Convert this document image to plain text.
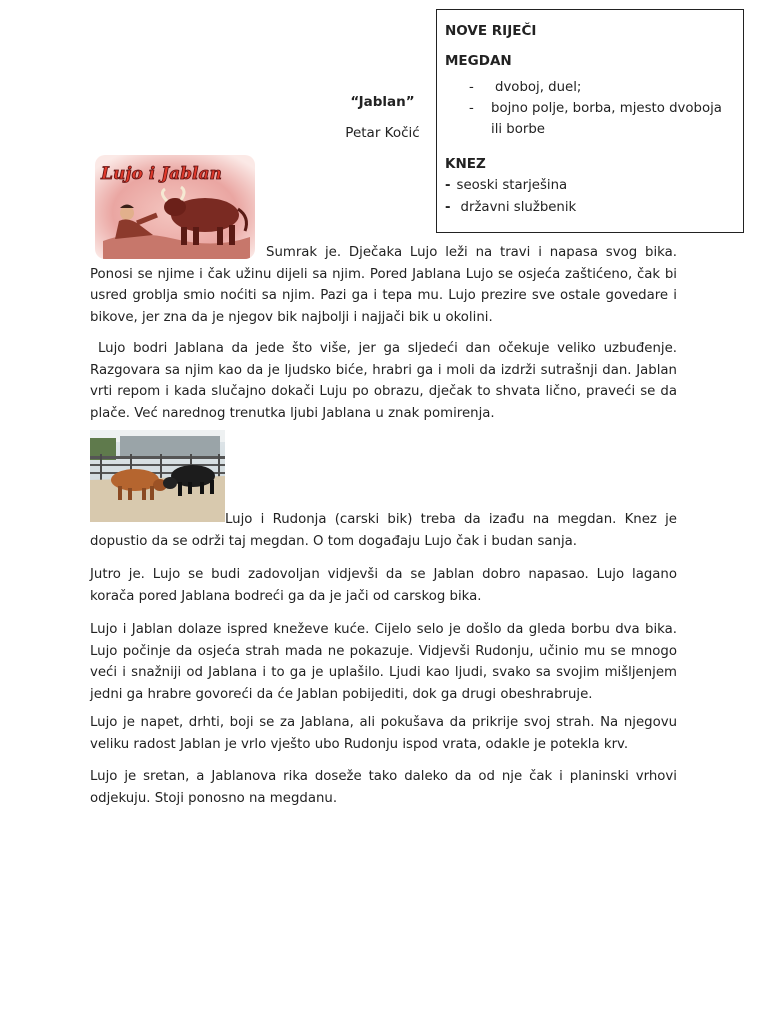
NOVE RIJEČI
MEGDAN
- dvoboj, duel;
- bojno polje, borba, mjesto dvoboja ili borbe
KNEZ
- seoski starješina
- državni službenik
“Jablan”
Petar Kočić
Lujo i Jablan
Sumrak je. Dječaka Lujo leži na travi i napasa svog bika. Ponosi se njime i čak užinu dijeli sa njim. Pored Jablana Lujo se osjeća zaštićeno, čak bi usred groblja smio noćiti sa njim. Pazi ga i tepa mu. Lujo prezire sve ostale govedare i bikove, jer zna da je njegov bik najbolji i najjači bik u okolini.
Lujo bodri Jablana da jede što više, jer ga sljedeći dan očekuje veliko uzbuđenje. Razgovara sa njim kao da je ljudsko biće, hrabri ga i moli da izdrži sutrašnji dan. Jablan vrti repom i kada slučajno dokači Luju po obrazu, dječak to shvata lično, praveći se da plače. Već narednog trenutka ljubi Jablana u znak pomirenja.
Lujo i Rudonja (carski bik) treba da izađu na megdan. Knez je dopustio da se održi taj megdan. O tom događaju Lujo čak i budan sanja.
Jutro je. Lujo se budi zadovoljan vidjevši da se Jablan dobro napasao. Lujo lagano korača pored Jablana bodreći ga da je jači od carskog bika.
Lujo i Jablan dolaze ispred kneževe kuće. Cijelo selo je došlo da gleda borbu dva bika. Lujo počinje da osjeća strah mada ne pokazuje. Vidjevši Rudonju, učinio mu se mnogo veći i snažniji od Jablana i to ga je uplašilo. Ljudi kao ljudi, svako sa svojim mišljenjem jedni ga hrabre govoreći da će Jablan pobijediti, dok ga drugi obeshrabruje.
Lujo je napet, drhti, boji se za Jablana, ali pokušava da prikrije svoj strah. Na njegovu veliku radost Jablan je vrlo vješto ubo Rudonju ispod vrata, odakle je potekla krv.
Lujo je sretan, a Jablanova rika doseže tako daleko da od nje čak i planinski vrhovi odjekuju. Stoji ponosno na megdanu.
